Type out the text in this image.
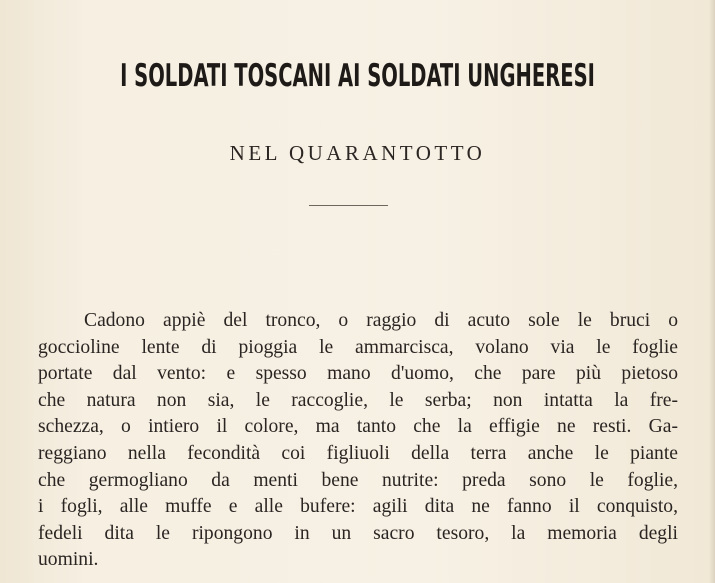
I SOLDATI TOSCANI AI SOLDATI UNGHERESI
NEL QUARANTOTTO
Cadono appiè del tronco, o raggio di acuto sole le bruci o
goccioline lente di pioggia le ammarcisca, volano via le foglie
portate dal vento: e spesso mano d'uomo, che pare più pietoso
che natura non sia, le raccoglie, le serba; non intatta la fre-
schezza, o intiero il colore, ma tanto che la effigie ne resti. Ga-
reggiano nella fecondità coi figliuoli della terra anche le piante
che germogliano da menti bene nutrite: preda sono le foglie,
i fogli, alle muffe e alle bufere: agili dita ne fanno il conquisto,
fedeli dita le ripongono in un sacro tesoro, la memoria degli
uomini.
